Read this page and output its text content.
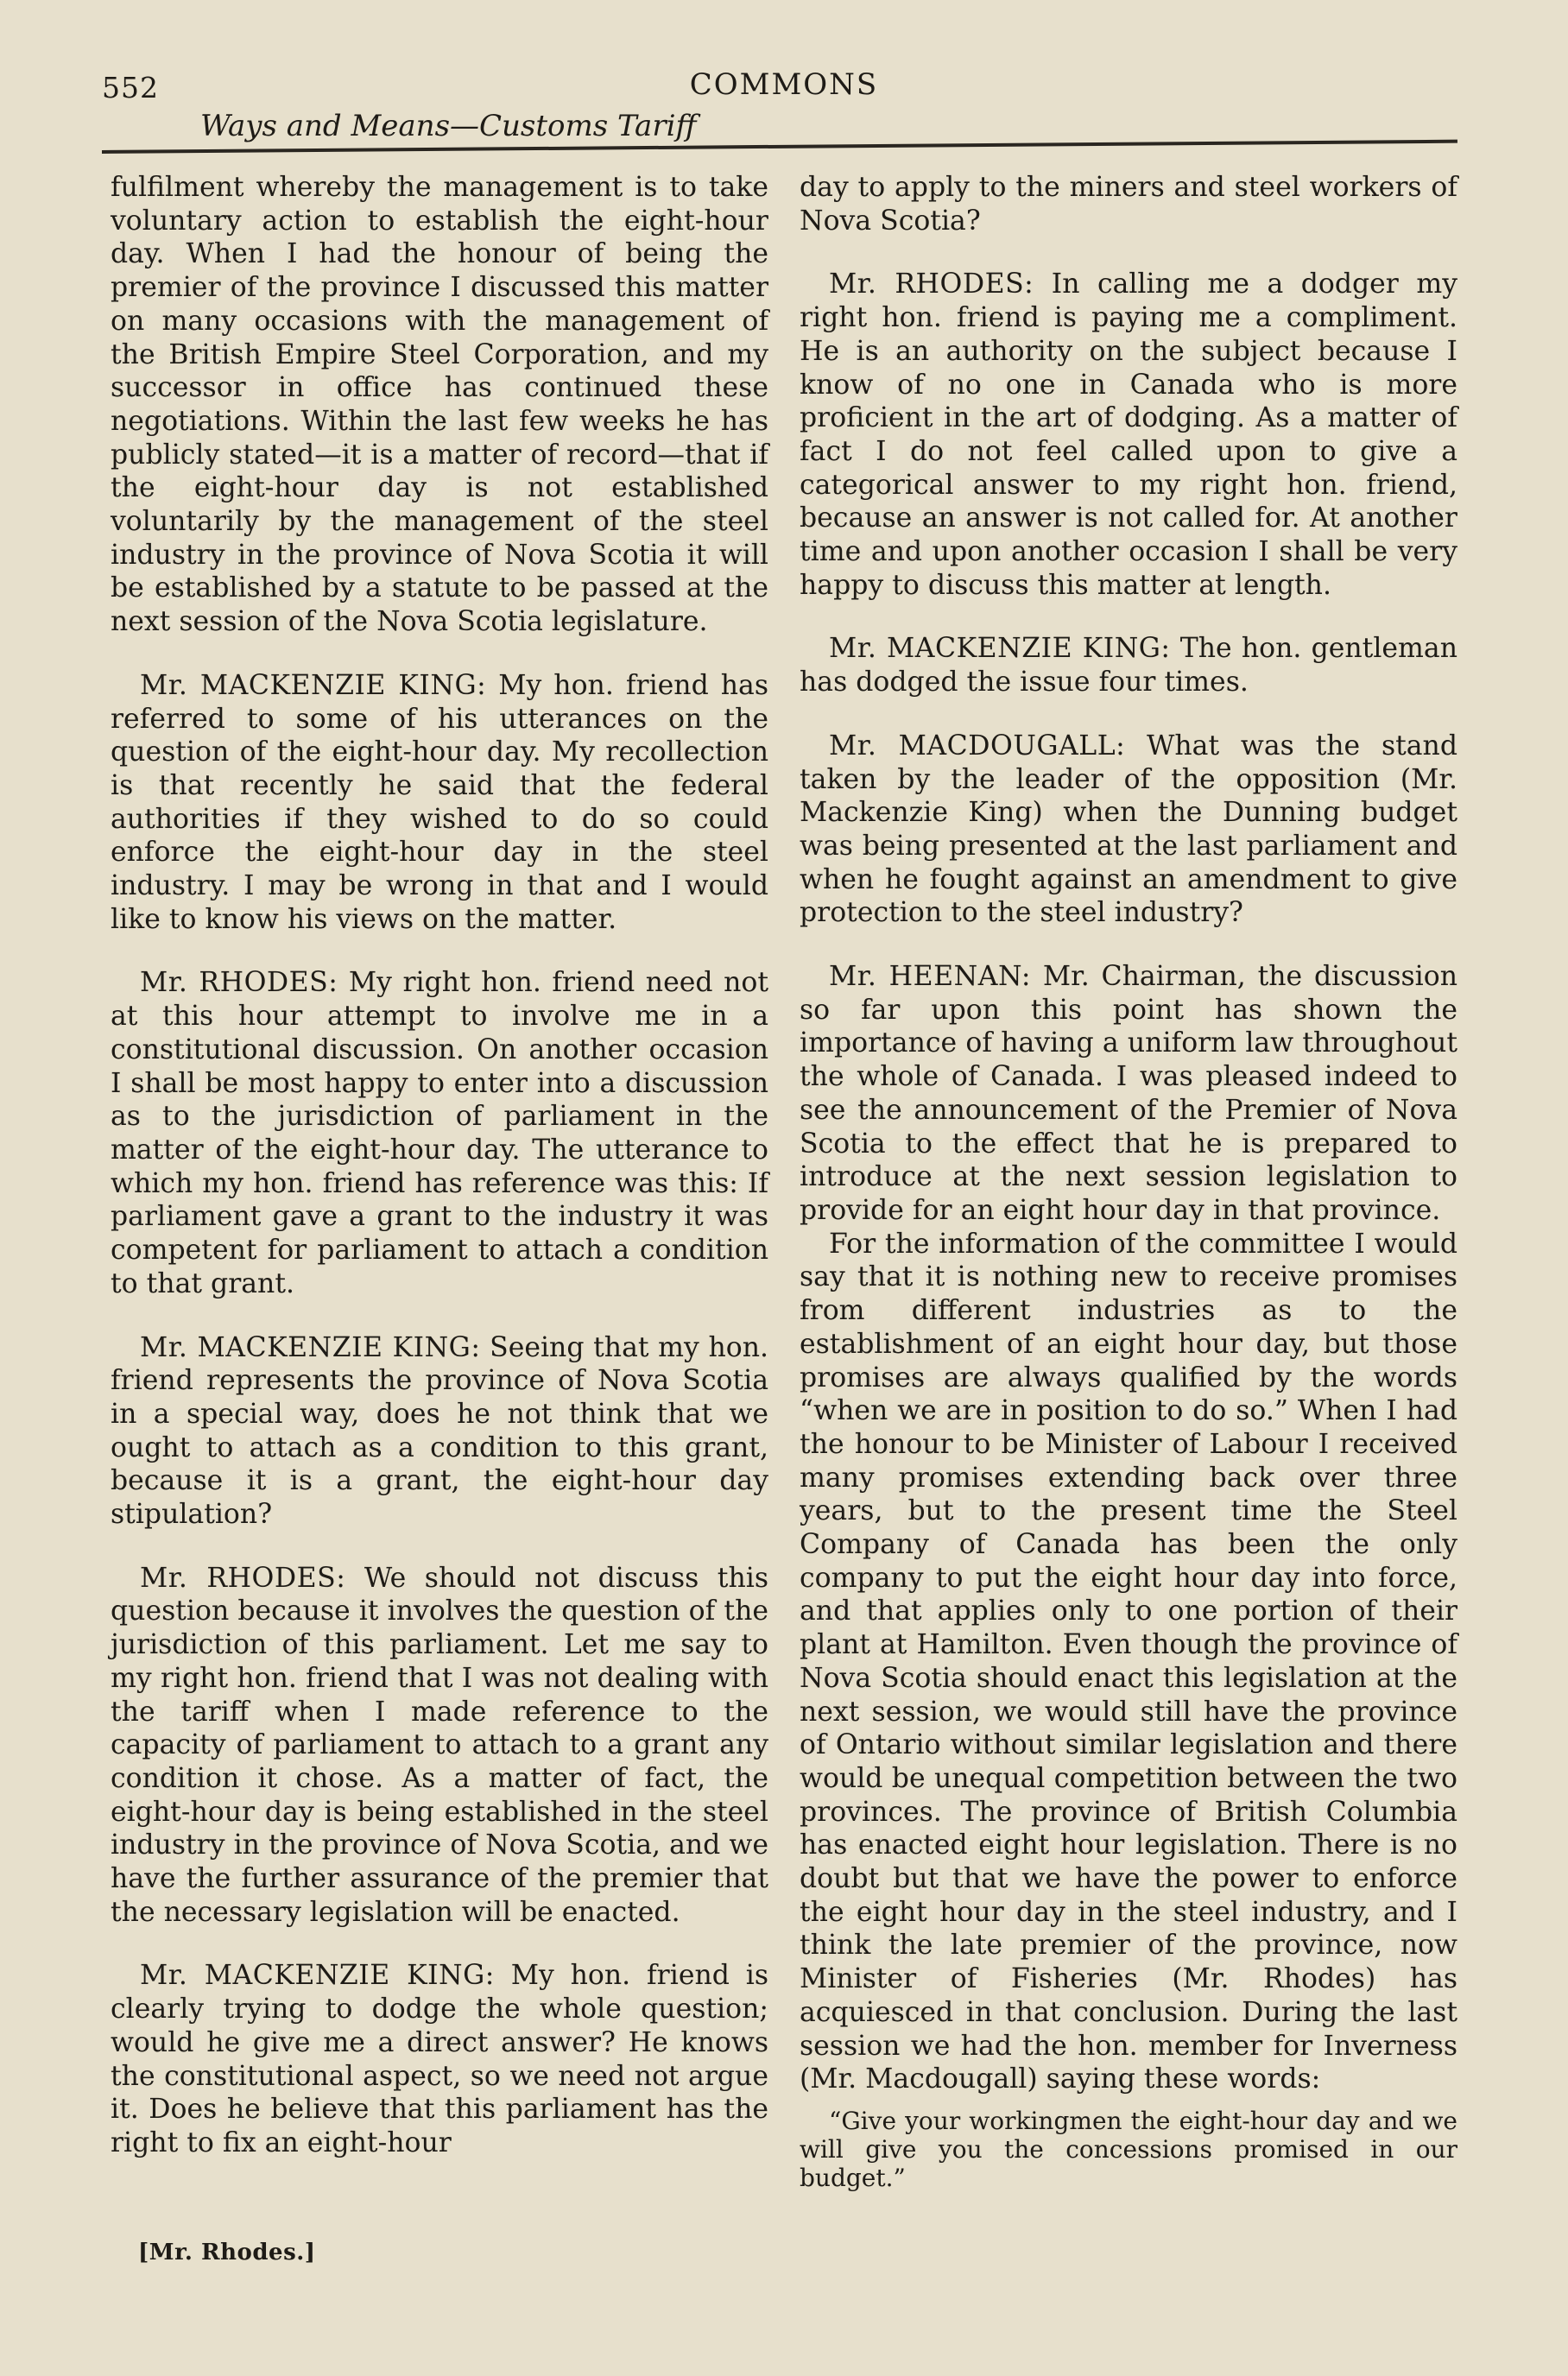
552	COMMONS
Ways and Means—Customs Tariff

fulfilment whereby the management is to take voluntary action to establish the eight-hour day. When I had the honour of being the premier of the province I discussed this matter on many occasions with the management of the British Empire Steel Corporation, and my successor in office has continued these negotiations. Within the last few weeks he has publicly stated—it is a matter of record—that if the eight-hour day is not established voluntarily by the management of the steel industry in the province of Nova Scotia it will be established by a statute to be passed at the next session of the Nova Scotia legislature.

Mr. MACKENZIE KING: My hon. friend has referred to some of his utterances on the question of the eight-hour day. My recollection is that recently he said that the federal authorities if they wished to do so could enforce the eight-hour day in the steel industry. I may be wrong in that and I would like to know his views on the matter.

Mr. RHODES: My right hon. friend need not at this hour attempt to involve me in a constitutional discussion. On another occasion I shall be most happy to enter into a discussion as to the jurisdiction of parliament in the matter of the eight-hour day. The utterance to which my hon. friend has reference was this: If parliament gave a grant to the industry it was competent for parliament to attach a condition to that grant.

Mr. MACKENZIE KING: Seeing that my hon. friend represents the province of Nova Scotia in a special way, does he not think that we ought to attach as a condition to this grant, because it is a grant, the eight-hour day stipulation?

Mr. RHODES: We should not discuss this question because it involves the question of the jurisdiction of this parliament. Let me say to my right hon. friend that I was not dealing with the tariff when I made reference to the capacity of parliament to attach to a grant any condition it chose. As a matter of fact, the eight-hour day is being established in the steel industry in the province of Nova Scotia, and we have the further assurance of the premier that the necessary legislation will be enacted.

Mr. MACKENZIE KING: My hon. friend is clearly trying to dodge the whole question; would he give me a direct answer? He knows the constitutional aspect, so we need not argue it. Does he believe that this parliament has the right to fix an eight-hour

day to apply to the miners and steel workers of Nova Scotia?

Mr. RHODES: In calling me a dodger my right hon. friend is paying me a compliment. He is an authority on the subject because I know of no one in Canada who is more proficient in the art of dodging. As a matter of fact I do not feel called upon to give a categorical answer to my right hon. friend, because an answer is not called for. At another time and upon another occasion I shall be very happy to discuss this matter at length.

Mr. MACKENZIE KING: The hon. gentleman has dodged the issue four times.

Mr. MACDOUGALL: What was the stand taken by the leader of the opposition (Mr. Mackenzie King) when the Dunning budget was being presented at the last parliament and when he fought against an amendment to give protection to the steel industry?

Mr. HEENAN: Mr. Chairman, the discussion so far upon this point has shown the importance of having a uniform law throughout the whole of Canada. I was pleased indeed to see the announcement of the Premier of Nova Scotia to the effect that he is prepared to introduce at the next session legislation to provide for an eight hour day in that province.

For the information of the committee I would say that it is nothing new to receive promises from different industries as to the establishment of an eight hour day, but those promises are always qualified by the words “when we are in position to do so.” When I had the honour to be Minister of Labour I received many promises extending back over three years, but to the present time the Steel Company of Canada has been the only company to put the eight hour day into force, and that applies only to one portion of their plant at Hamilton. Even though the province of Nova Scotia should enact this legislation at the next session, we would still have the province of Ontario without similar legislation and there would be unequal competition between the two provinces. The province of British Columbia has enacted eight hour legislation. There is no doubt but that we have the power to enforce the eight hour day in the steel industry, and I think the late premier of the province, now Minister of Fisheries (Mr. Rhodes) has acquiesced in that conclusion. During the last session we had the hon. member for Inverness (Mr. Macdougall) saying these words:

“Give your workingmen the eight-hour day and we will give you the concessions promised in our budget.”
[Mr. Rhodes.]
